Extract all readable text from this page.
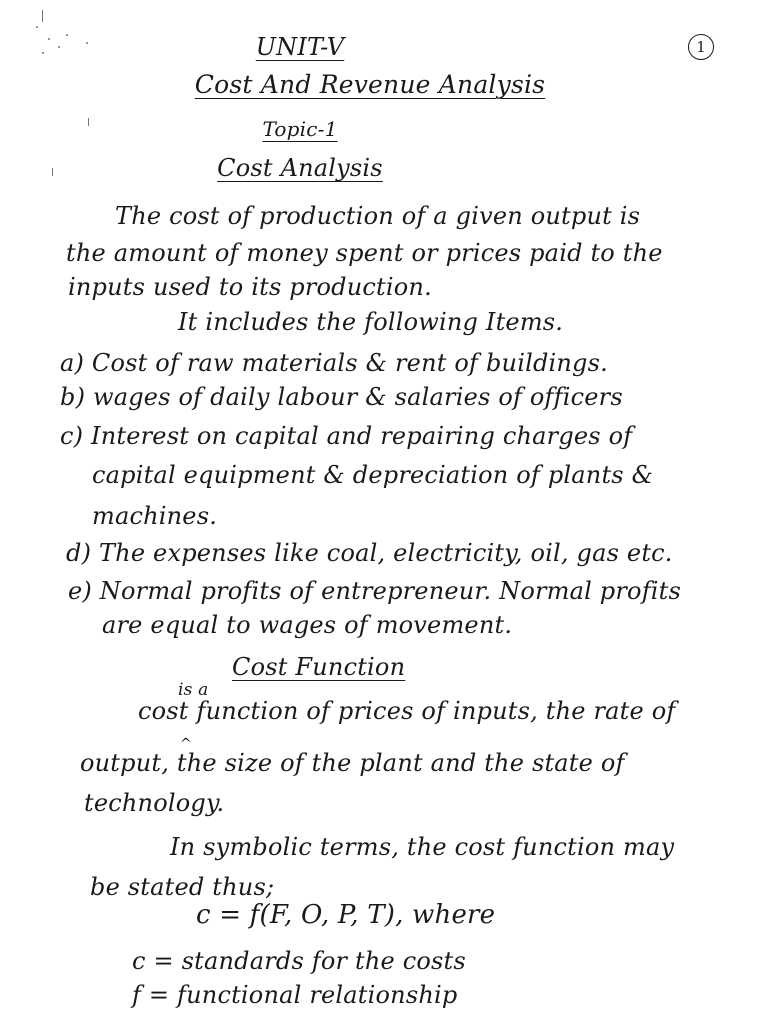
1
UNIT-V
Cost And Revenue Analysis
Topic-1
Cost Analysis
The cost of production of a given output is
the amount of money spent or prices paid to the
inputs used to its production.
It includes the following Items.
a) Cost of raw materials & rent of buildings.
b) wages of daily labour & salaries of officers
c) Interest on capital and repairing charges of
capital equipment & depreciation of plants &
machines.
d) The expenses like coal, electricity, oil, gas etc.
e) Normal profits of entrepreneur. Normal profits
are equal to wages of movement.
Cost Function
is a
cost function of prices of inputs, the rate of
^
output, the size of the plant and the state of
technology.
In symbolic terms, the cost function may
be stated thus;
c = f(F, O, P, T), where
c = standards for the costs
f = functional relationship
